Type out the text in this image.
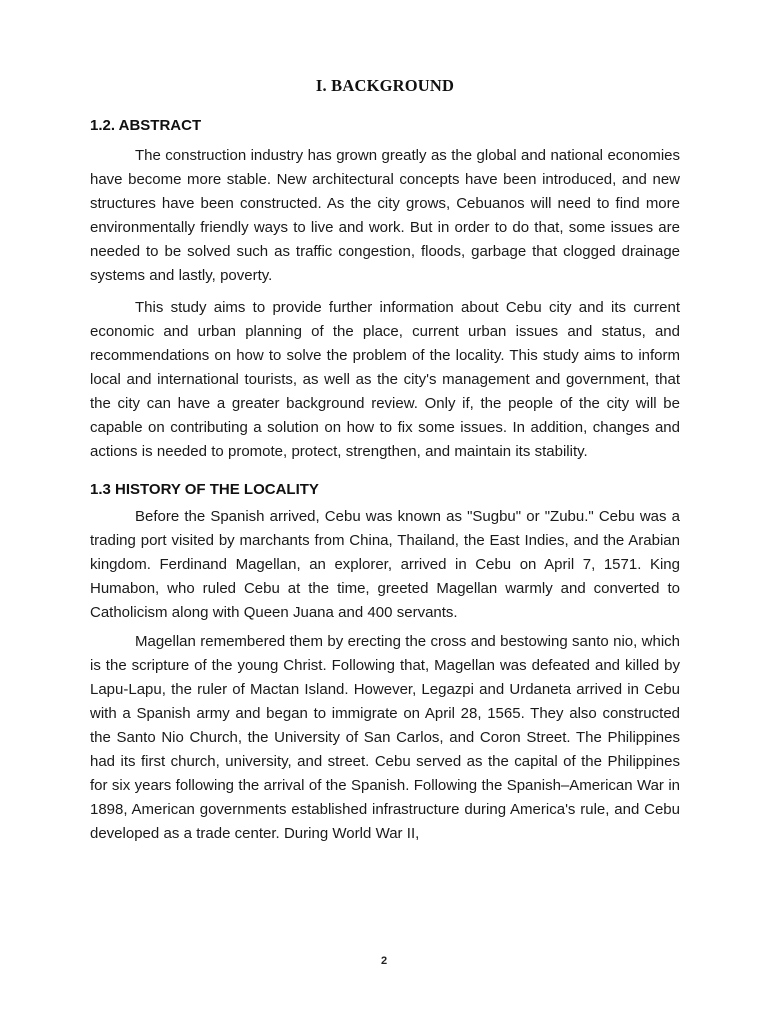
I. BACKGROUND
1.2. ABSTRACT

The construction industry has grown greatly as the global and national economies have become more stable. New architectural concepts have been introduced, and new structures have been constructed. As the city grows, Cebuanos will need to find more environmentally friendly ways to live and work. But in order to do that, some issues are needed to be solved such as traffic congestion, floods, garbage that clogged drainage systems and lastly, poverty.

This study aims to provide further information about Cebu city and its current economic and urban planning of the place, current urban issues and status, and recommendations on how to solve the problem of the locality. This study aims to inform local and international tourists, as well as the city's management and government, that the city can have a greater background review. Only if, the people of the city will be capable on contributing a solution on how to fix some issues. In addition, changes and actions is needed to promote, protect, strengthen, and maintain its stability.

1.3 HISTORY OF THE LOCALITY

Before the Spanish arrived, Cebu was known as "Sugbu" or "Zubu." Cebu was a trading port visited by marchants from China, Thailand, the East Indies, and the Arabian kingdom. Ferdinand Magellan, an explorer, arrived in Cebu on April 7, 1571. King Humabon, who ruled Cebu at the time, greeted Magellan warmly and converted to Catholicism along with Queen Juana and 400 servants.

Magellan remembered them by erecting the cross and bestowing santo nio, which is the scripture of the young Christ. Following that, Magellan was defeated and killed by Lapu-Lapu, the ruler of Mactan Island. However, Legazpi and Urdaneta arrived in Cebu with a Spanish army and began to immigrate on April 28, 1565. They also constructed the Santo Nio Church, the University of San Carlos, and Coron Street. The Philippines had its first church, university, and street. Cebu served as the capital of the Philippines for six years following the arrival of the Spanish. Following the Spanish–American War in 1898, American governments established infrastructure during America's rule, and Cebu developed as a trade center. During World War II,

2
